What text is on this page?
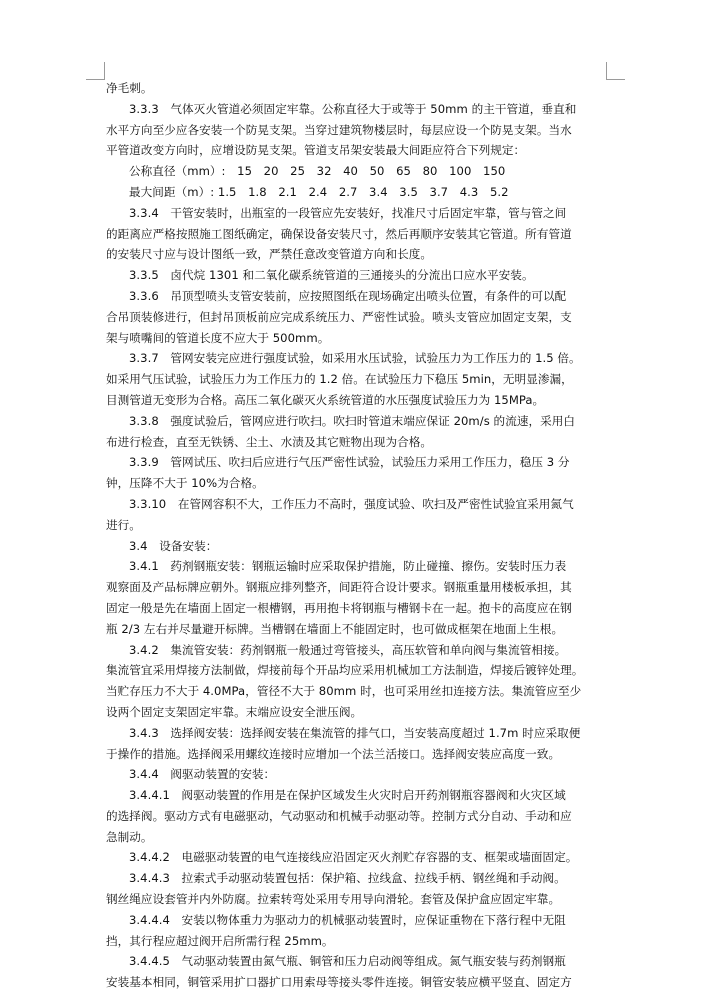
净毛刺。
3.3.3　气体灭火管道必须固定牢靠。公称直径大于或等于 50mm 的主干管道，垂直和
水平方向至少应各安装一个防晃支架。当穿过建筑物楼层时，每层应设一个防晃支架。当水
平管道改变方向时，应增设防晃支架。管道支吊架安装最大间距应符合下列规定：
公称直径（mm）:　15　20　25　32　40　50　65　80　100　150
最大间距（m）: 1.5　1.8　2.1　2.4　2.7　3.4　3.5　3.7　4.3　5.2
3.3.4　干管安装时，出瓶室的一段管应先安装好，找准尺寸后固定牢靠，管与管之间
的距离应严格按照施工图纸确定，确保设备安装尺寸，然后再顺序安装其它管道。所有管道
的安装尺寸应与设计图纸一致，严禁任意改变管道方向和长度。
3.3.5　卤代烷 1301 和二氧化碳系统管道的三通接头的分流出口应水平安装。
3.3.6　吊顶型喷头支管安装前，应按照图纸在现场确定出喷头位置，有条件的可以配
合吊顶装修进行，但封吊顶板前应完成系统压力、严密性试验。喷头支管应加固定支架，支
架与喷嘴间的管道长度不应大于 500mm。
3.3.7　管网安装完应进行强度试验，如采用水压试验，试验压力为工作压力的 1.5 倍。
如采用气压试验，试验压力为工作压力的 1.2 倍。在试验压力下稳压 5min，无明显渗漏，
目测管道无变形为合格。高压二氧化碳灭火系统管道的水压强度试验压力为 15MPa。
3.3.8　强度试验后，管网应进行吹扫。吹扫时管道末端应保证 20m/s 的流速，采用白
布进行检查，直至无铁锈、尘土、水渍及其它赃物出现为合格。
3.3.9　管网试压、吹扫后应进行气压严密性试验，试验压力采用工作压力，稳压 3 分
钟，压降不大于 10%为合格。
3.3.10　在管网容积不大，工作压力不高时，强度试验、吹扫及严密性试验宜采用氮气
进行。
3.4　设备安装：
3.4.1　药剂钢瓶安装：钢瓶运输时应采取保护措施，防止碰撞、擦伤。安装时压力表
观察面及产品标牌应朝外。钢瓶应排列整齐，间距符合设计要求。钢瓶重量用楼板承担，其
固定一般是先在墙面上固定一根槽钢，再用抱卡将钢瓶与槽钢卡在一起。抱卡的高度应在钢
瓶 2/3 左右并尽量避开标牌。当槽钢在墙面上不能固定时，也可做成框架在地面上生根。
3.4.2　集流管安装：药剂钢瓶一般通过弯管接头，高压软管和单向阀与集流管相接。
集流管宜采用焊接方法制做，焊接前每个开品均应采用机械加工方法制造，焊接后镀锌处理。
当贮存压力不大于 4.0MPa，管径不大于 80mm 时，也可采用丝扣连接方法。集流管应至少
设两个固定支架固定牢靠。末端应设安全泄压阀。
3.4.3　选择阀安装：选择阀安装在集流管的排气口，当安装高度超过 1.7m 时应采取便
于操作的措施。选择阀采用螺纹连接时应增加一个法兰活接口。选择阀安装应高度一致。
3.4.4　阀驱动装置的安装：
3.4.4.1　阀驱动装置的作用是在保护区域发生火灾时启开药剂钢瓶容器阀和火灾区域
的选择阀。驱动方式有电磁驱动，气动驱动和机械手动驱动等。控制方式分自动、手动和应
急制动。
3.4.4.2　电磁驱动装置的电气连接线应沿固定灭火剂贮存容器的支、框架或墙面固定。
3.4.4.3　拉索式手动驱动装置包括：保护箱、拉线盒、拉线手柄、钢丝绳和手动阀。
钢丝绳应设套管并内外防腐。拉索转弯处采用专用导向滑轮。套管及保护盒应固定牢靠。
3.4.4.4　安装以物体重力为驱动力的机械驱动装置时，应保证重物在下落行程中无阻
挡，其行程应超过阀开启所需行程 25mm。
3.4.4.5　气动驱动装置由氮气瓶、铜管和压力启动阀等组成。氮气瓶安装与药剂钢瓶
安装基本相同，铜管采用扩口器扩口用索母等接头零件连接。铜管安装应横平竖直、固定方
